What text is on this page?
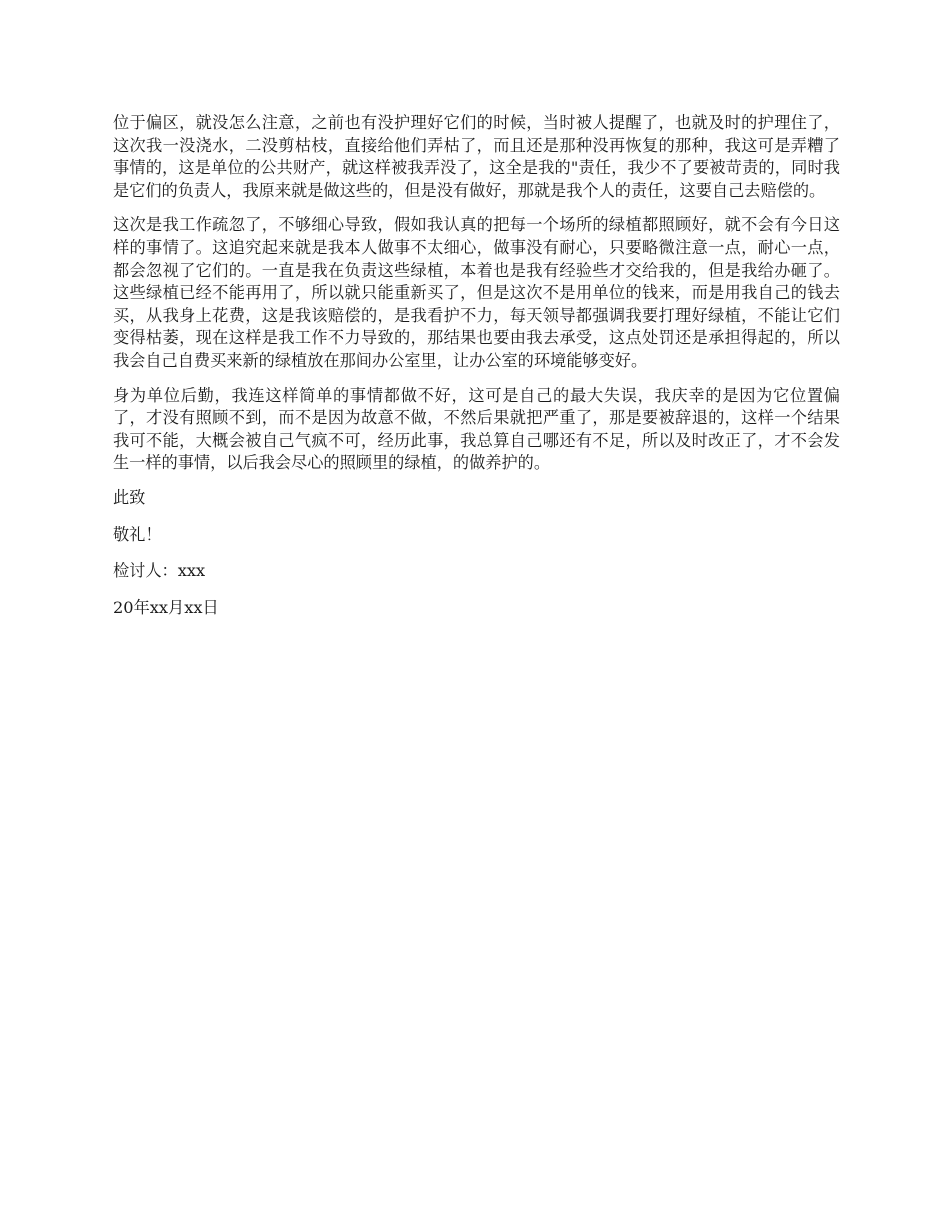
位于偏区，就没怎么注意，之前也有没护理好它们的时候，当时被人提醒了，也就及时的护理住了，这次我一没浇水，二没剪枯枝，直接给他们弄枯了，而且还是那种没再恢复的那种，我这可是弄糟了事情的，这是单位的公共财产，就这样被我弄没了，这全是我的"责任，我少不了要被苛责的，同时我是它们的负责人，我原来就是做这些的，但是没有做好，那就是我个人的责任，这要自己去赔偿的。

这次是我工作疏忽了，不够细心导致，假如我认真的把每一个场所的绿植都照顾好，就不会有今日这样的事情了。这追究起来就是我本人做事不太细心，做事没有耐心，只要略微注意一点，耐心一点，都会忽视了它们的。一直是我在负责这些绿植，本着也是我有经验些才交给我的，但是我给办砸了。这些绿植已经不能再用了，所以就只能重新买了，但是这次不是用单位的钱来，而是用我自己的钱去买，从我身上花费，这是我该赔偿的，是我看护不力，每天领导都强调我要打理好绿植，不能让它们变得枯萎，现在这样是我工作不力导致的，那结果也要由我去承受，这点处罚还是承担得起的，所以我会自己自费买来新的绿植放在那间办公室里，让办公室的环境能够变好。

身为单位后勤，我连这样简单的事情都做不好，这可是自己的最大失误，我庆幸的是因为它位置偏了，才没有照顾不到，而不是因为故意不做，不然后果就把严重了，那是要被辞退的，这样一个结果我可不能，大概会被自己气疯不可，经历此事，我总算自己哪还有不足，所以及时改正了，才不会发生一样的事情，以后我会尽心的照顾里的绿植，的做养护的。

此致

敬礼！

检讨人：xxx

20年xx月xx日
